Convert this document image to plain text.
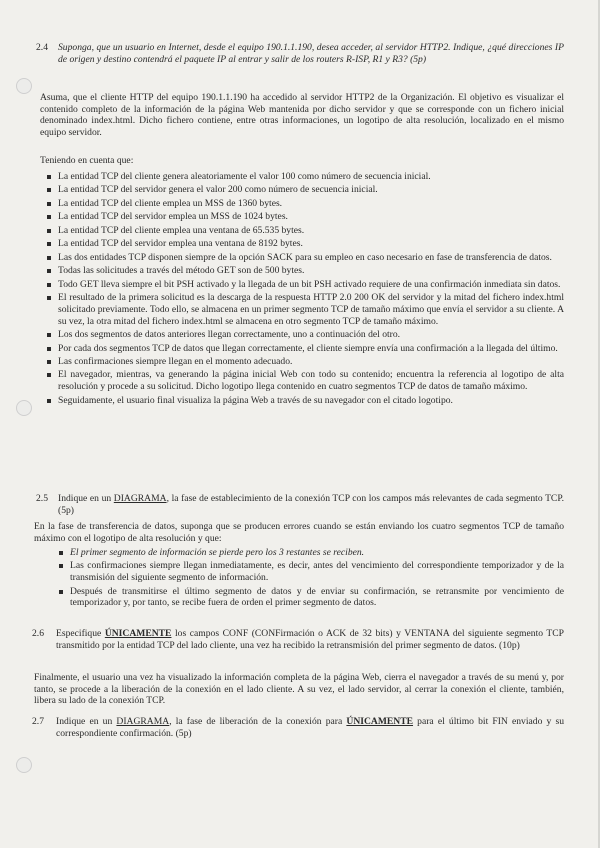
2.4	Suponga, que un usuario en Internet, desde el equipo 190.1.1.190, desea acceder, al servidor HTTP2. Indique, ¿qué direcciones IP de origen y destino contendrá el paquete IP al entrar y salir de los routers R-ISP, R1 y R3? (5p)
Asuma, que el cliente HTTP del equipo 190.1.1.190 ha accedido al servidor HTTP2 de la Organización. El objetivo es visualizar el contenido completo de la información de la página Web mantenida por dicho servidor y que se corresponde con un fichero inicial denominado index.html. Dicho fichero contiene, entre otras informaciones, un logotipo de alta resolución, localizado en el mismo equipo servidor.
Teniendo en cuenta que:
La entidad TCP del cliente genera aleatoriamente el valor 100 como número de secuencia inicial.
La entidad TCP del servidor genera el valor 200 como número de secuencia inicial.
La entidad TCP del cliente emplea un MSS de 1360 bytes.
La entidad TCP del servidor emplea un MSS de 1024 bytes.
La entidad TCP del cliente emplea una ventana de 65.535 bytes.
La entidad TCP del servidor emplea una ventana de 8192 bytes.
Las dos entidades TCP disponen siempre de la opción SACK para su empleo en caso necesario en fase de transferencia de datos.
Todas las solicitudes a través del método GET son de 500 bytes.
Todo GET lleva siempre el bit PSH activado y la llegada de un bit PSH activado requiere de una confirmación inmediata sin datos.
El resultado de la primera solicitud es la descarga de la respuesta HTTP 2.0 200 OK del servidor y la mitad del fichero index.html solicitado previamente. Todo ello, se almacena en un primer segmento TCP de tamaño máximo que envía el servidor a su cliente. A su vez, la otra mitad del fichero index.html se almacena en otro segmento TCP de tamaño máximo.
Los dos segmentos de datos anteriores llegan correctamente, uno a continuación del otro.
Por cada dos segmentos TCP de datos que llegan correctamente, el cliente siempre envía una confirmación a la llegada del último.
Las confirmaciones siempre llegan en el momento adecuado.
El navegador, mientras, va generando la página inicial Web con todo su contenido; encuentra la referencia al logotipo de alta resolución y procede a su solicitud. Dicho logotipo llega contenido en cuatro segmentos TCP de datos de tamaño máximo.
Seguidamente, el usuario final visualiza la página Web a través de su navegador con el citado logotipo.
2.5	Indique en un DIAGRAMA, la fase de establecimiento de la conexión TCP con los campos más relevantes de cada segmento TCP. (5p)
En la fase de transferencia de datos, suponga que se producen errores cuando se están enviando los cuatro segmentos TCP de tamaño máximo con el logotipo de alta resolución y que:
El primer segmento de información se pierde pero los 3 restantes se reciben.
Las confirmaciones siempre llegan inmediatamente, es decir, antes del vencimiento del correspondiente temporizador y de la transmisión del siguiente segmento de información.
Después de transmitirse el último segmento de datos y de enviar su confirmación, se retransmite por vencimiento de temporizador y, por tanto, se recibe fuera de orden el primer segmento de datos.
2.6	Especifique ÚNICAMENTE los campos CONF (CONFirmación o ACK de 32 bits) y VENTANA del siguiente segmento TCP transmitido por la entidad TCP del lado cliente, una vez ha recibido la retransmisión del primer segmento de datos. (10p)
Finalmente, el usuario una vez ha visualizado la información completa de la página Web, cierra el navegador a través de su menú y, por tanto, se procede a la liberación de la conexión en el lado cliente. A su vez, el lado servidor, al cerrar la conexión el cliente, también, libera su lado de la conexión TCP.
2.7	Indique en un DIAGRAMA, la fase de liberación de la conexión para ÚNICAMENTE para el último bit FIN enviado y su correspondiente confirmación. (5p)
